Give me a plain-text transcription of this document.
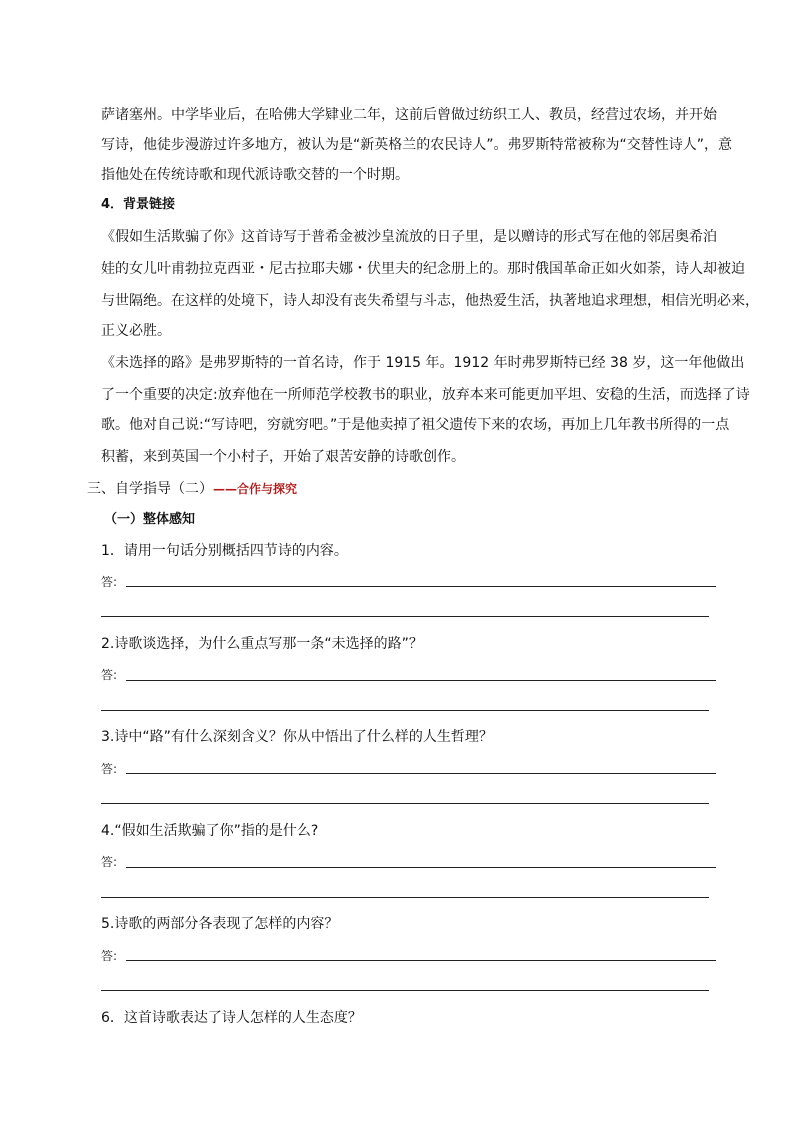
萨诸塞州。中学毕业后，在哈佛大学肄业二年，这前后曾做过纺织工人、教员，经营过农场，并开始
写诗，他徒步漫游过许多地方，被认为是“新英格兰的农民诗人”。弗罗斯特常被称为“交替性诗人”，意
指他处在传统诗歌和现代派诗歌交替的一个时期。
4．背景链接
《假如生活欺骗了你》这首诗写于普希金被沙皇流放的日子里，是以赠诗的形式写在他的邻居奥希泊
娃的女儿叶甫勃拉克西亚・尼古拉耶夫娜・伏里夫的纪念册上的。那时俄国革命正如火如荼，诗人却被迫
与世隔绝。在这样的处境下，诗人却没有丧失希望与斗志，他热爱生活，执著地追求理想，相信光明必来，
正义必胜。
《未选择的路》是弗罗斯特的一首名诗，作于 1915 年。1912 年时弗罗斯特已经 38 岁，这一年他做出
了一个重要的决定:放弃他在一所师范学校教书的职业，放弃本来可能更加平坦、安稳的生活，而选择了诗
歌。他对自己说:“写诗吧，穷就穷吧。”于是他卖掉了祖父遗传下来的农场，再加上几年教书所得的一点
积蓄，来到英国一个小村子，开始了艰苦安静的诗歌创作。
三、自学指导（二）——合作与探究
（一）整体感知
1．请用一句话分别概括四节诗的内容。
答:
2.诗歌谈选择，为什么重点写那一条“未选择的路”？
答:
3.诗中“路”有什么深刻含义？你从中悟出了什么样的人生哲理？
答:
4.“假如生活欺骗了你”指的是什么?
答:
5.诗歌的两部分各表现了怎样的内容？
答:
6．这首诗歌表达了诗人怎样的人生态度？
